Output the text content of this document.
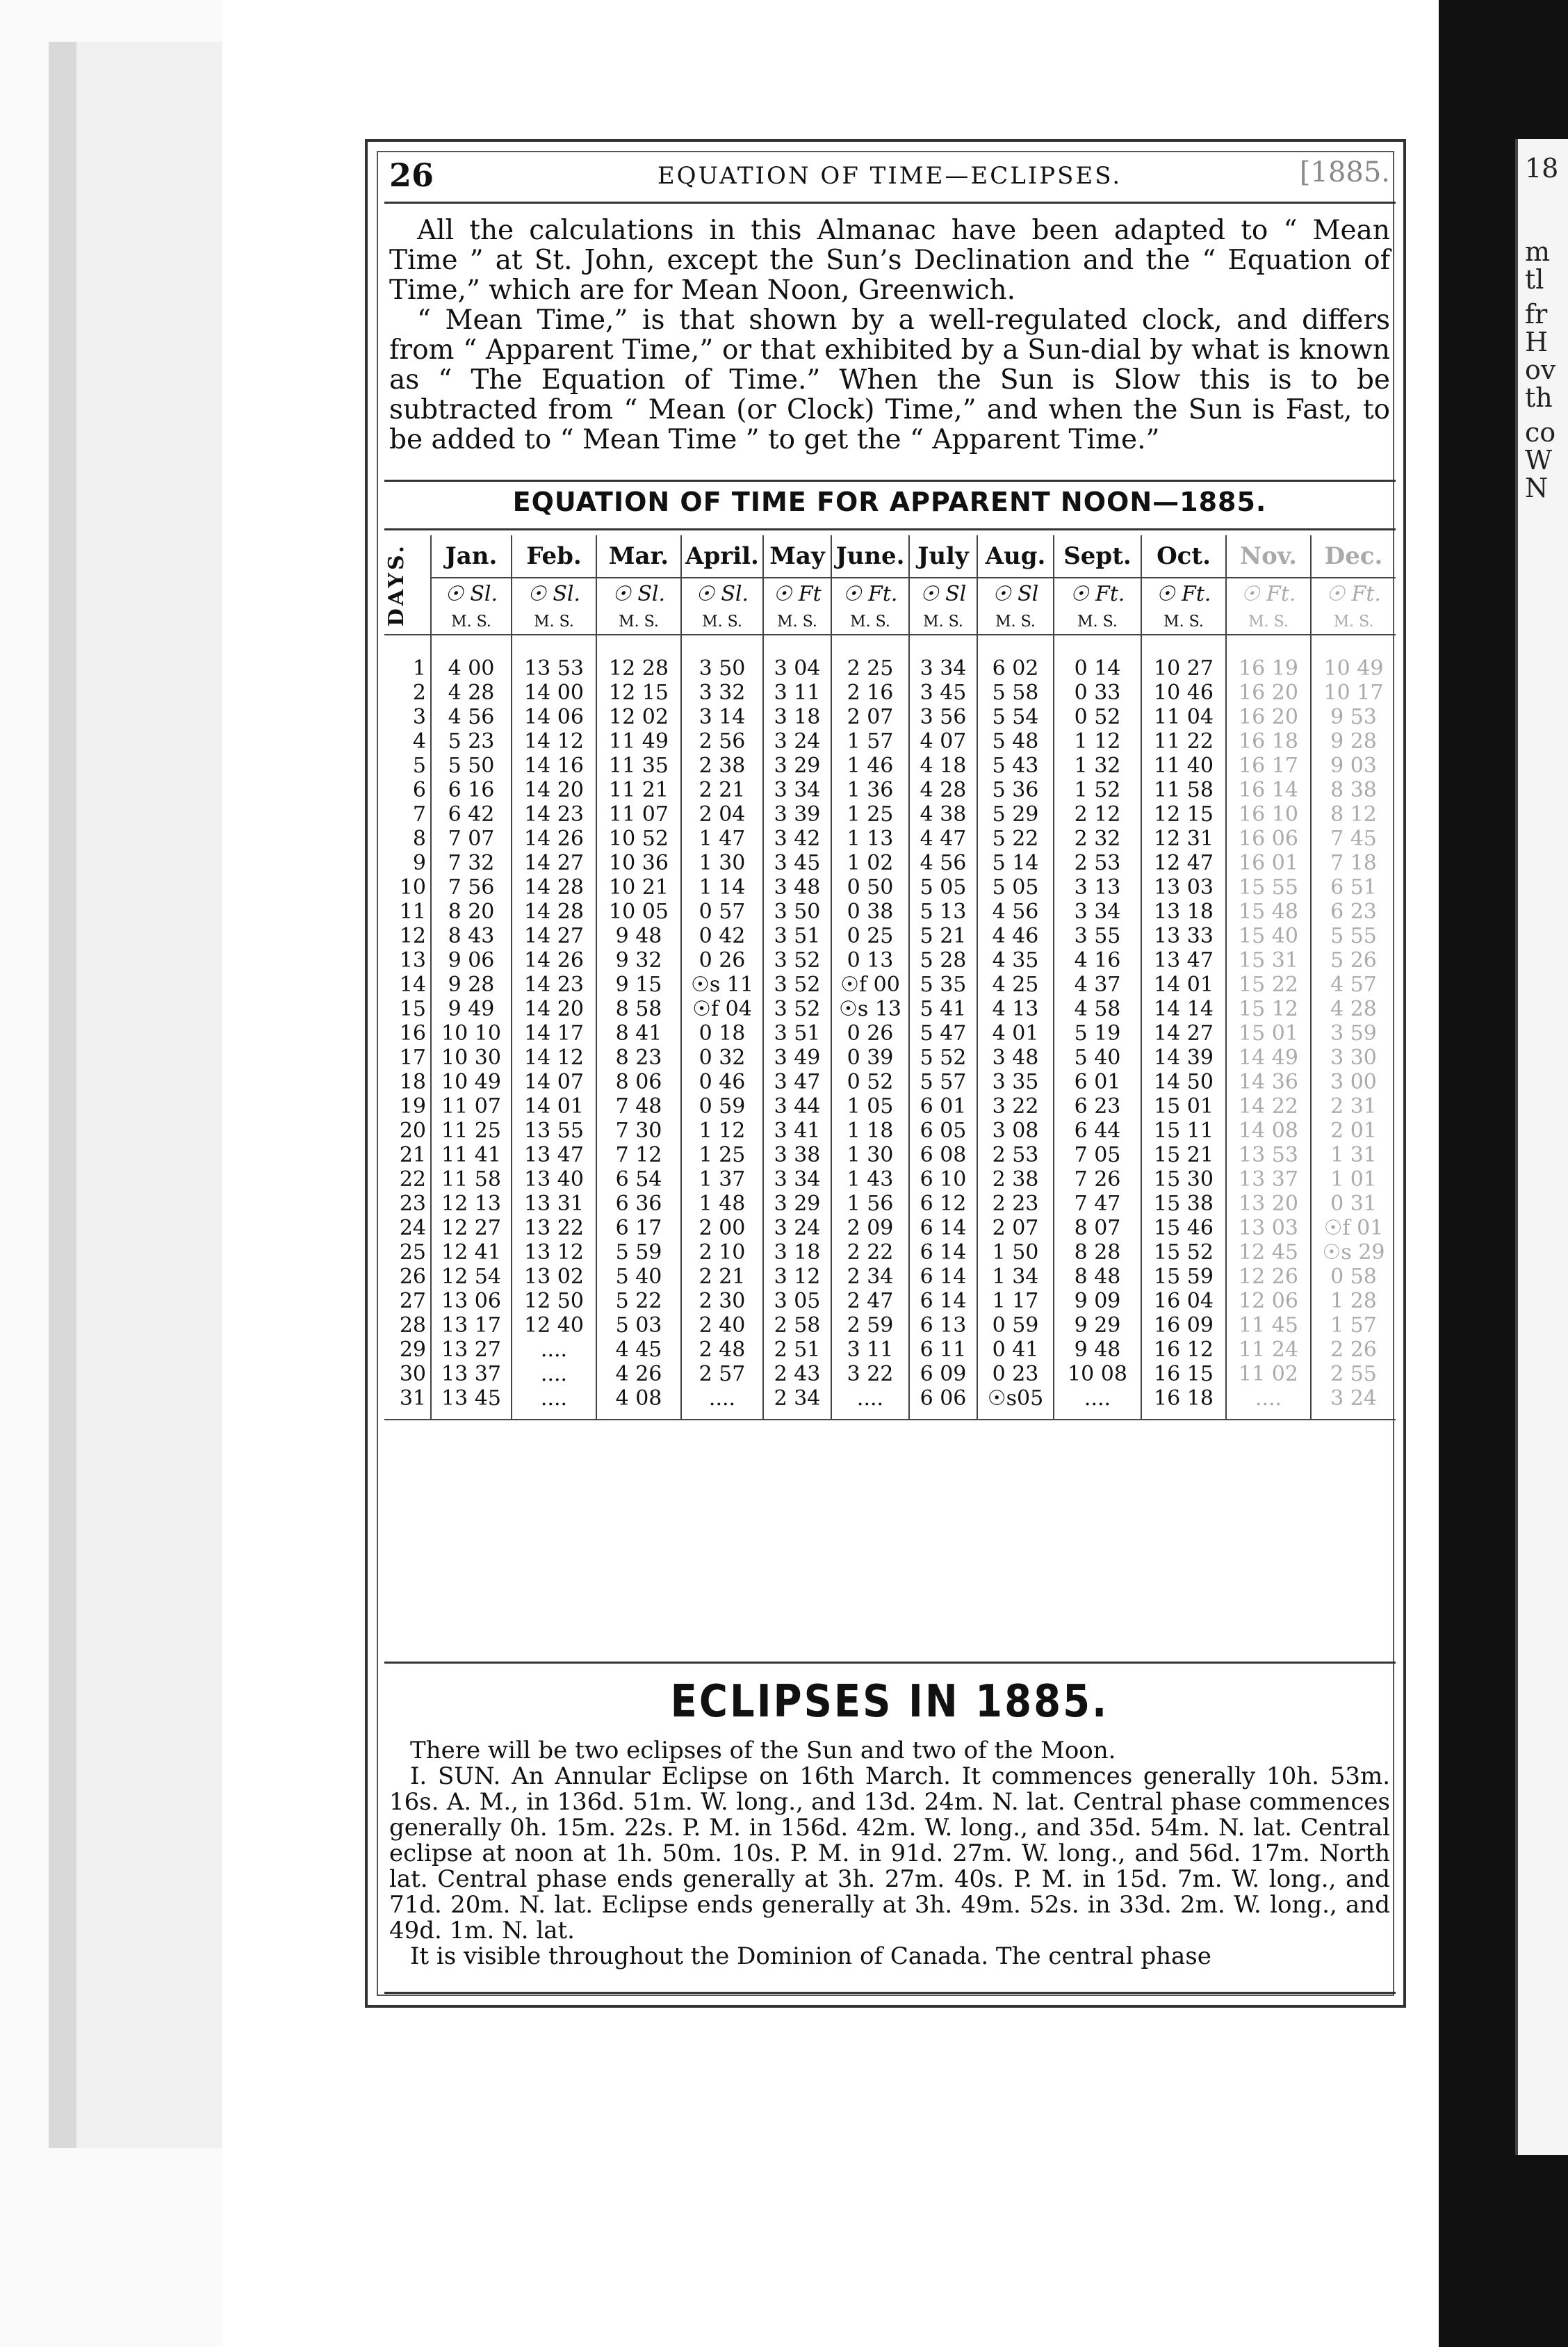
18
m
tl
fr
H
ov
th
co
W
N
26	EQUATION OF TIME—ECLIPSES.	[1885.

All the calculations in this Almanac have been adapted to “ Mean Time ” at St. John, except the Sun’s Declination and the “ Equation of Time,” which are for Mean Noon, Greenwich.

“ Mean Time,” is that shown by a well-regulated clock, and differs from “ Apparent Time,” or that exhibited by a Sun-dial by what is known as “ The Equation of Time.” When the Sun is Slow this is to be subtracted from “ Mean (or Clock) Time,” and when the Sun is Fast, to be added to “ Mean Time ” to get the “ Apparent Time.”

EQUATION OF TIME FOR APPARENT NOON—1885.
DAYS.	Jan.	Feb.	Mar.	April.	May	June.	July	Aug.	Sept.	Oct.	Nov.	Dec.
	☉ Sl.	☉ Sl.	☉ Sl.	☉ Sl.	☉ Ft	☉ Ft.	☉ Sl	☉ Sl	☉ Ft.	☉ Ft.	☉ Ft.	☉ Ft.
	M. S.	M. S.	M. S.	M. S.	M. S.	M. S.	M. S.	M. S.	M. S.	M. S.	M. S.	M. S.

1	4 00	13 53	12 28	3 50	3 04	2 25	3 34	6 02	0 14	10 27	16 19	10 49
2	4 28	14 00	12 15	3 32	3 11	2 16	3 45	5 58	0 33	10 46	16 20	10 17
3	4 56	14 06	12 02	3 14	3 18	2 07	3 56	5 54	0 52	11 04	16 20	9 53
4	5 23	14 12	11 49	2 56	3 24	1 57	4 07	5 48	1 12	11 22	16 18	9 28
5	5 50	14 16	11 35	2 38	3 29	1 46	4 18	5 43	1 32	11 40	16 17	9 03
6	6 16	14 20	11 21	2 21	3 34	1 36	4 28	5 36	1 52	11 58	16 14	8 38
7	6 42	14 23	11 07	2 04	3 39	1 25	4 38	5 29	2 12	12 15	16 10	8 12
8	7 07	14 26	10 52	1 47	3 42	1 13	4 47	5 22	2 32	12 31	16 06	7 45
9	7 32	14 27	10 36	1 30	3 45	1 02	4 56	5 14	2 53	12 47	16 01	7 18
10	7 56	14 28	10 21	1 14	3 48	0 50	5 05	5 05	3 13	13 03	15 55	6 51
11	8 20	14 28	10 05	0 57	3 50	0 38	5 13	4 56	3 34	13 18	15 48	6 23
12	8 43	14 27	9 48	0 42	3 51	0 25	5 21	4 46	3 55	13 33	15 40	5 55
13	9 06	14 26	9 32	0 26	3 52	0 13	5 28	4 35	4 16	13 47	15 31	5 26
14	9 28	14 23	9 15	☉s 11	3 52	☉f 00	5 35	4 25	4 37	14 01	15 22	4 57
15	9 49	14 20	8 58	☉f 04	3 52	☉s 13	5 41	4 13	4 58	14 14	15 12	4 28
16	10 10	14 17	8 41	0 18	3 51	0 26	5 47	4 01	5 19	14 27	15 01	3 59
17	10 30	14 12	8 23	0 32	3 49	0 39	5 52	3 48	5 40	14 39	14 49	3 30
18	10 49	14 07	8 06	0 46	3 47	0 52	5 57	3 35	6 01	14 50	14 36	3 00
19	11 07	14 01	7 48	0 59	3 44	1 05	6 01	3 22	6 23	15 01	14 22	2 31
20	11 25	13 55	7 30	1 12	3 41	1 18	6 05	3 08	6 44	15 11	14 08	2 01
21	11 41	13 47	7 12	1 25	3 38	1 30	6 08	2 53	7 05	15 21	13 53	1 31
22	11 58	13 40	6 54	1 37	3 34	1 43	6 10	2 38	7 26	15 30	13 37	1 01
23	12 13	13 31	6 36	1 48	3 29	1 56	6 12	2 23	7 47	15 38	13 20	0 31
24	12 27	13 22	6 17	2 00	3 24	2 09	6 14	2 07	8 07	15 46	13 03	☉f 01
25	12 41	13 12	5 59	2 10	3 18	2 22	6 14	1 50	8 28	15 52	12 45	☉s 29
26	12 54	13 02	5 40	2 21	3 12	2 34	6 14	1 34	8 48	15 59	12 26	0 58
27	13 06	12 50	5 22	2 30	3 05	2 47	6 14	1 17	9 09	16 04	12 06	1 28
28	13 17	12 40	5 03	2 40	2 58	2 59	6 13	0 59	9 29	16 09	11 45	1 57
29	13 27	....	4 45	2 48	2 51	3 11	6 11	0 41	9 48	16 12	11 24	2 26
30	13 37	....	4 26	2 57	2 43	3 22	6 09	0 23	10 08	16 15	11 02	2 55
31	13 45	....	4 08	....	2 34	....	6 06	☉s05	....	16 18	....	3 24

ECLIPSES IN 1885.

There will be two eclipses of the Sun and two of the Moon.

I. SUN. An Annular Eclipse on 16th March. It commences generally 10h. 53m. 16s. A. M., in 136d. 51m. W. long., and 13d. 24m. N. lat. Central phase commences generally 0h. 15m. 22s. P. M. in 156d. 42m. W. long., and 35d. 54m. N. lat. Central eclipse at noon at 1h. 50m. 10s. P. M. in 91d. 27m. W. long., and 56d. 17m. North lat. Central phase ends generally at 3h. 27m. 40s. P. M. in 15d. 7m. W. long., and 71d. 20m. N. lat. Eclipse ends generally at 3h. 49m. 52s. in 33d. 2m. W. long., and 49d. 1m. N. lat.

It is visible throughout the Dominion of Canada. The central phase
